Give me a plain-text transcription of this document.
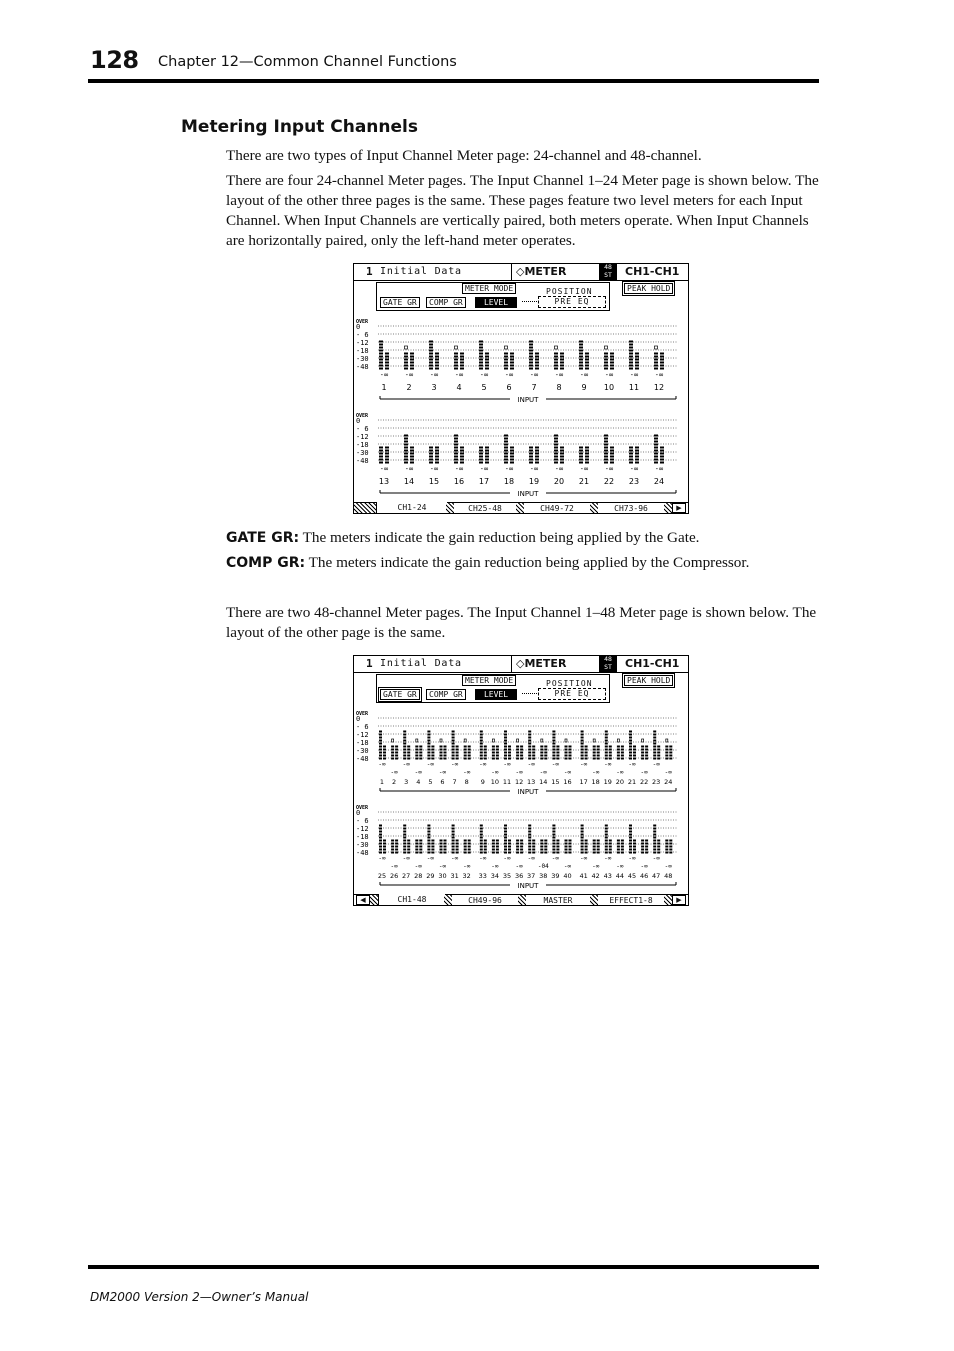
128 Chapter 12—Common Channel Functions
Metering Input Channels
There are two types of Input Channel Meter page: 24-channel and 48-channel.
There are four 24-channel Meter pages. The Input Channel 1–24 Meter page is shown below. The layout of the other three pages is the same. These pages feature two level meters for each Input Channel. When Input Channels are vertically paired, both meters operate. When Input Channels are horizontally paired, only the left-hand meter operates.
1 Initial Data	◇METER	48
ST	CH1-CH1
METER MODE
GATE GR	COMP GR	LEVEL
POSITION
PRE EQ
PEAK HOLD
OVER
0
- 6
-12
-18
-30
-48
-∞
1
-∞
2
-∞
3
-∞
4
-∞
5
-∞
6
-∞
7
-∞
8
-∞
9
-∞
10
-∞
11
-∞
12
INPUT
OVER
0
- 6
-12
-18
-30
-48
-∞
13
-∞
14
-∞
15
-∞
16
-∞
17
-∞
18
-∞
19
-∞
20
-∞
21
-∞
22
-∞
23
-∞
24
INPUT
CH1-24	CH25-48	CH49-72	CH73-96	▶
GATE GR: The meters indicate the gain reduction being applied by the Gate.
COMP GR: The meters indicate the gain reduction being applied by the Compressor.
There are two 48-channel Meter pages. The Input Channel 1–48 Meter page is shown below. The layout of the other page is the same.
1 Initial Data	◇METER	48
ST	CH1-CH1
METER MODE
GATE GR	COMP GR	LEVEL
POSITION
PRE EQ
PEAK HOLD
OVER
0
- 6
-12
-18
-30
-48
-∞
1
-∞
2
-∞
3
-∞
4
-∞
5
-∞
6
-∞
7
-∞
8
-∞
9
-∞
10
-∞
11
-∞
12
-∞
13
-∞
14
-∞
15
-∞
16
-∞
17
-∞
18
-∞
19
-∞
20
-∞
21
-∞
22
-∞
23
-∞
24
INPUT
OVER
0
- 6
-12
-18
-30
-48
-∞
25
-∞
26
-∞
27
-∞
28
-∞
29
-∞
30
-∞
31
-∞
32
-∞
33
-∞
34
-∞
35
-∞
36
-∞
37
-04
38
-∞
39
-∞
40
-∞
41
-∞
42
-∞
43
-∞
44
-∞
45
-∞
46
-∞
47
-∞
48
INPUT
◀	CH1-48	CH49-96	MASTER	EFFECT1-8	▶
DM2000 Version 2—Owner’s Manual
